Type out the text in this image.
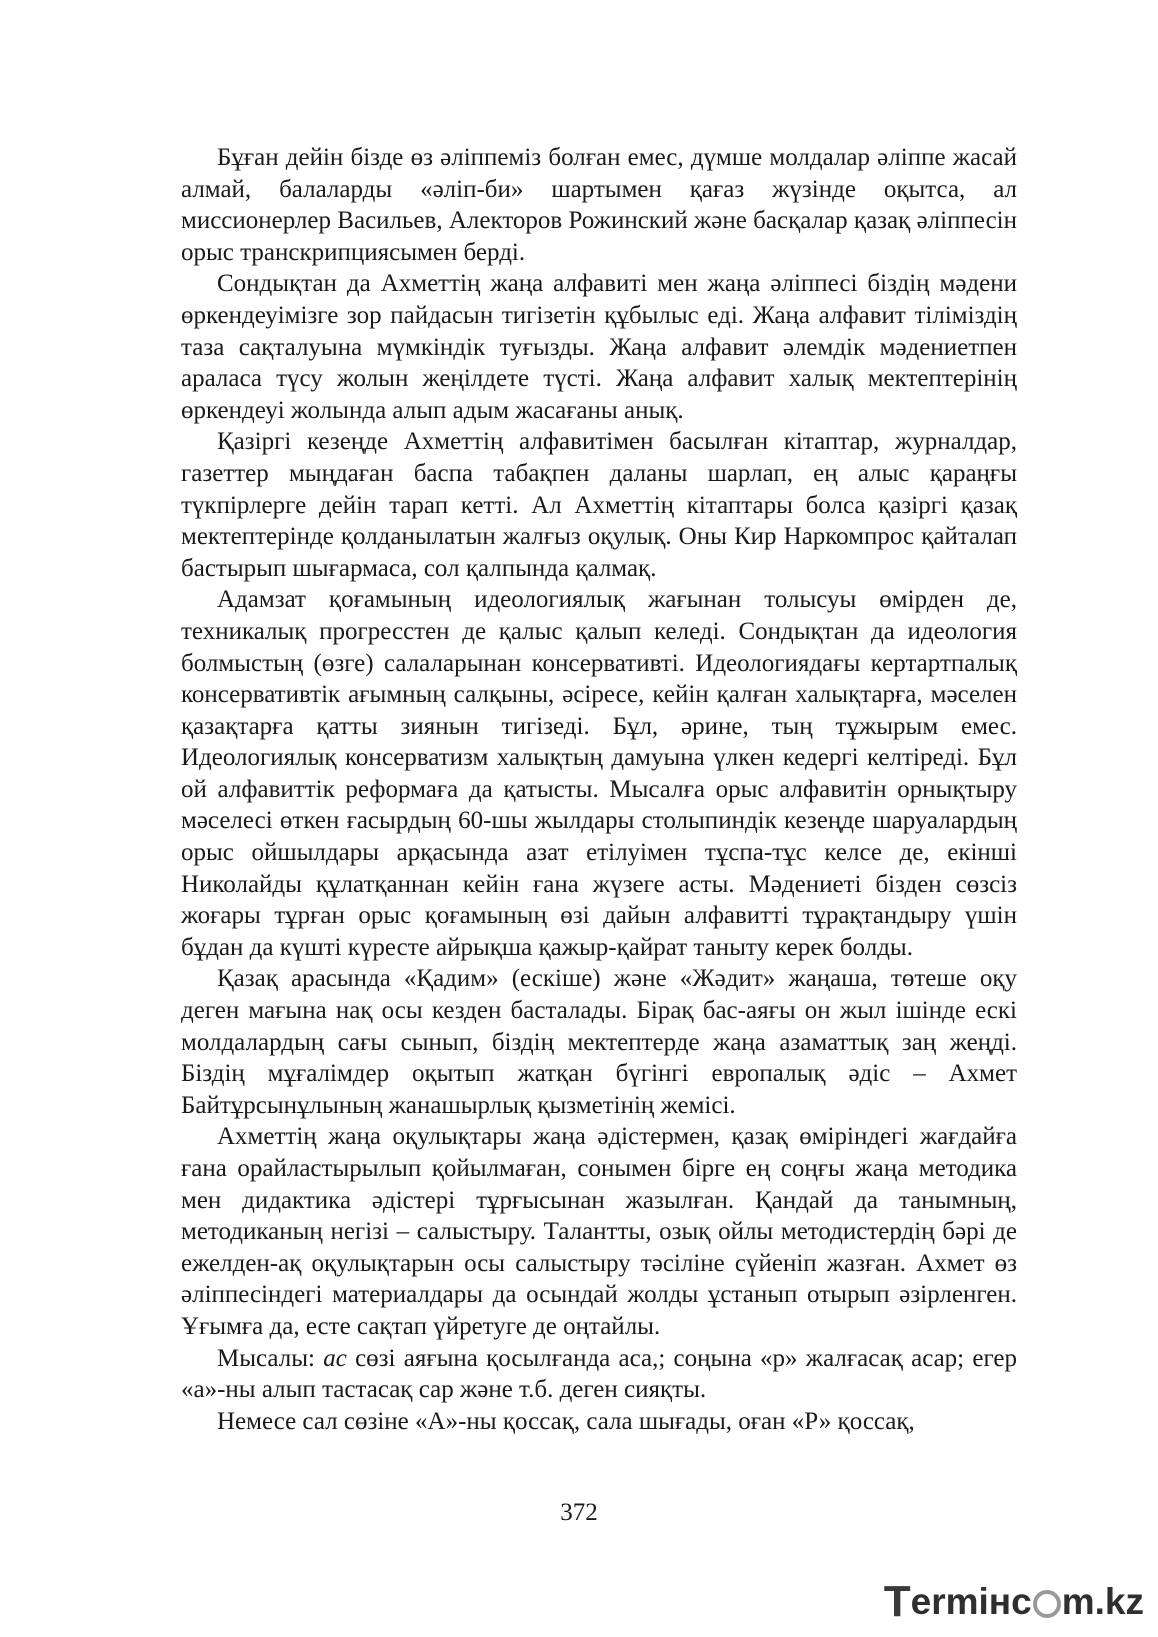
Бұған дейін бізде өз әліппеміз болған емес, дүмше молдалар әліппе жасай алмай, балаларды «әліп-би» шартымен қағаз жүзінде оқытса, ал миссионерлер Васильев, Алекторов Рожинский және басқалар қазақ әліппесін орыс транскрипциясымен берді.

Сондықтан да Ахметтің жаңа алфавиті мен жаңа әліппесі біздің мәдени өркендеуімізге зор пайдасын тигізетін құбылыс еді. Жаңа алфавит тіліміздің таза сақталуына мүмкіндік туғызды. Жаңа алфавит әлемдік мәдениетпен араласа түсу жолын жеңілдете түсті. Жаңа алфавит халық мектептерінің өркендеуі жолында алып адым жасағаны анық.

Қазіргі кезеңде Ахметтің алфавитімен басылған кітаптар, журналдар, газеттер мыңдаған баспа табақпен даланы шарлап, ең алыс қараңғы түкпірлерге дейін тарап кетті. Ал Ахметтің кітаптары болса қазіргі қазақ мектептерінде қолданылатын жалғыз оқулық. Оны Кир Наркомпрос қайталап бастырып шығармаса, сол қалпында қалмақ.

Адамзат қоғамының идеологиялық жағынан толысуы өмірден де, техникалық прогресстен де қалыс қалып келеді. Сондықтан да идеология болмыстың (өзге) салаларынан консервативті. Идеологиядағы кертартпалық консервативтік ағымның салқыны, әсіресе, кейін қалған халықтарға, мәселен қазақтарға қатты зиянын тигізеді. Бұл, әрине, тың тұжырым емес. Идеологиялық консерватизм халықтың дамуына үлкен кедергі келтіреді. Бұл ой алфавиттік реформаға да қатысты. Мысалға орыс алфавитін орнықтыру мәселесі өткен ғасырдың 60-шы жылдары столыпиндік кезеңде шаруалардың орыс ойшылдары арқасында азат етілуімен тұспа-тұс келсе де, екінші Николайды құлатқаннан кейін ғана жүзеге асты. Мәдениеті бізден сөзсіз жоғары тұрған орыс қоғамының өзі дайын алфавитті тұрақтандыру үшін бұдан да күшті күресте айрықша қажыр-қайрат таныту керек болды.

Қазақ арасында «Қадим» (ескіше) және «Жәдит» жаңаша, төтеше оқу деген мағына нақ осы кезден басталады. Бірақ бас-аяғы он жыл ішінде ескі молдалардың сағы сынып, біздің мектептерде жаңа азаматтық заң жеңді. Біздің мұғалімдер оқытып жатқан бүгінгі европалық әдіс – Ахмет Байтұрсынұлының жанашырлық қызметінің жемісі.

Ахметтің жаңа оқулықтары жаңа әдістермен, қазақ өміріндегі жағдайға ғана орайластырылып қойылмаған, сонымен бірге ең соңғы жаңа методика мен дидактика әдістері тұрғысынан жазылған. Қандай да танымның, методиканың негізі – салыстыру. Талантты, озық ойлы методистердің бәрі де ежелден-ақ оқулықтарын осы салыстыру тәсіліне сүйеніп жазған. Ахмет өз әліппесіндегі материалдары да осындай жолды ұстанып отырып әзірленген. Ұғымға да, есте сақтап үйретуге де оңтайлы.

Мысалы: ас сөзі аяғына қосылғанда аса,; соңына «р» жалғасақ асар; егер «а»-ны алып тастасақ сар және т.б. деген сияқты.

Немесе сал сөзіне «А»-ны қоссақ, сала шығады, оған «Р» қоссақ,

372
T ermінc m.kz
